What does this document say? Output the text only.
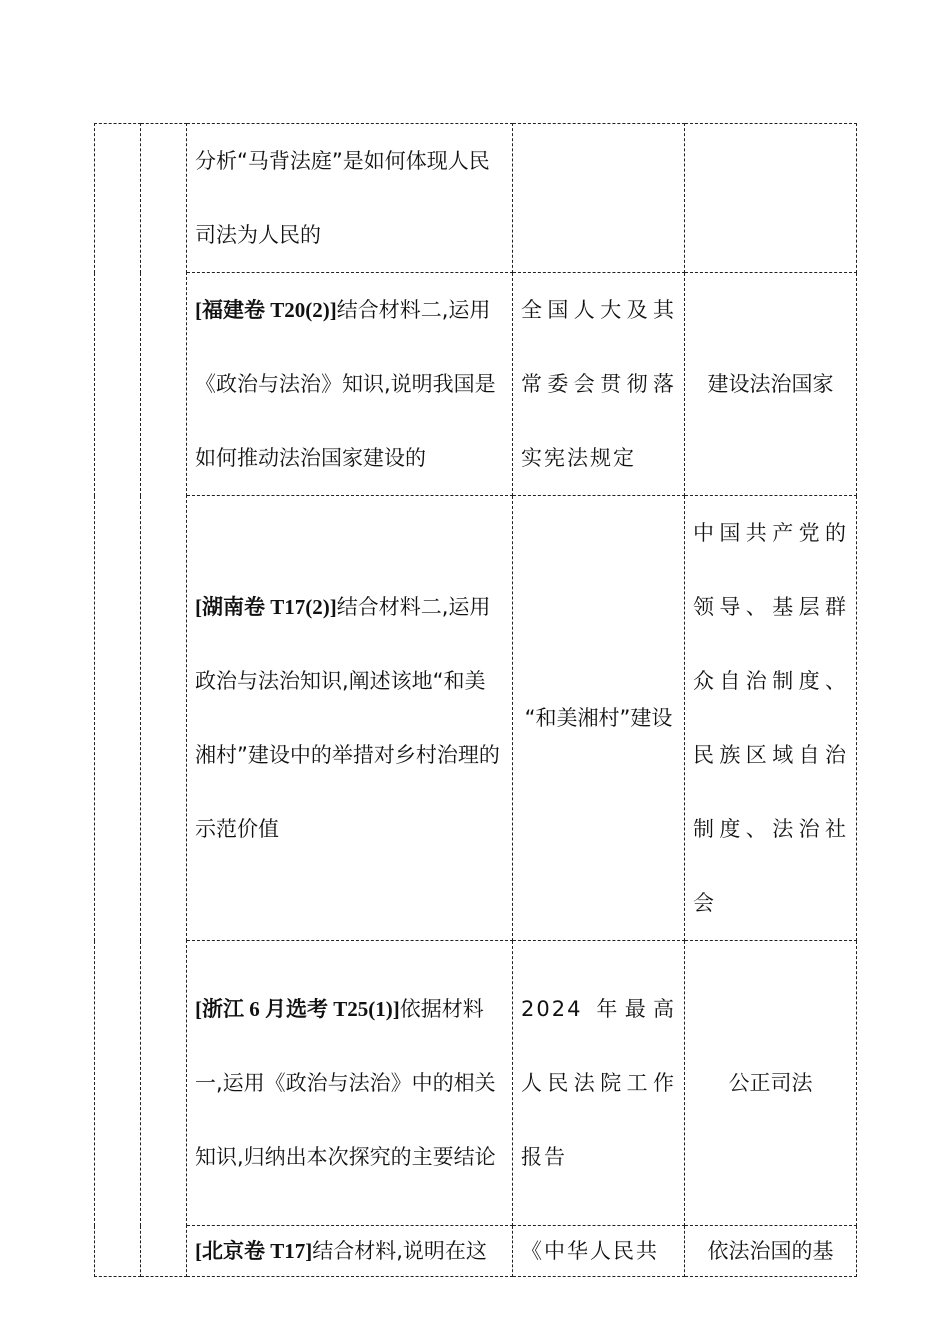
		分析“马背法庭”是如何体现人民司法为人民的		
		[福建卷 T20(2)]结合材料二,运用《政治与法治》知识,说明我国是如何推动法治国家建设的	全国人大及其常委会贯彻落实宪法规定	建设法治国家
		[湖南卷 T17(2)]结合材料二,运用政治与法治知识,阐述该地“和美湘村”建设中的举措对乡村治理的示范价值	“和美湘村”建设	中国共产党的领导、基层群众自治制度、民族区域自治制度、法治社会
		[浙江 6 月选考 T25(1)]依据材料一,运用《政治与法治》中的相关知识,归纳出本次探究的主要结论	2024 年最高人民法院工作报告	公正司法
		[北京卷 T17]结合材料,说明在这	《中华人民共	依法治国的基
